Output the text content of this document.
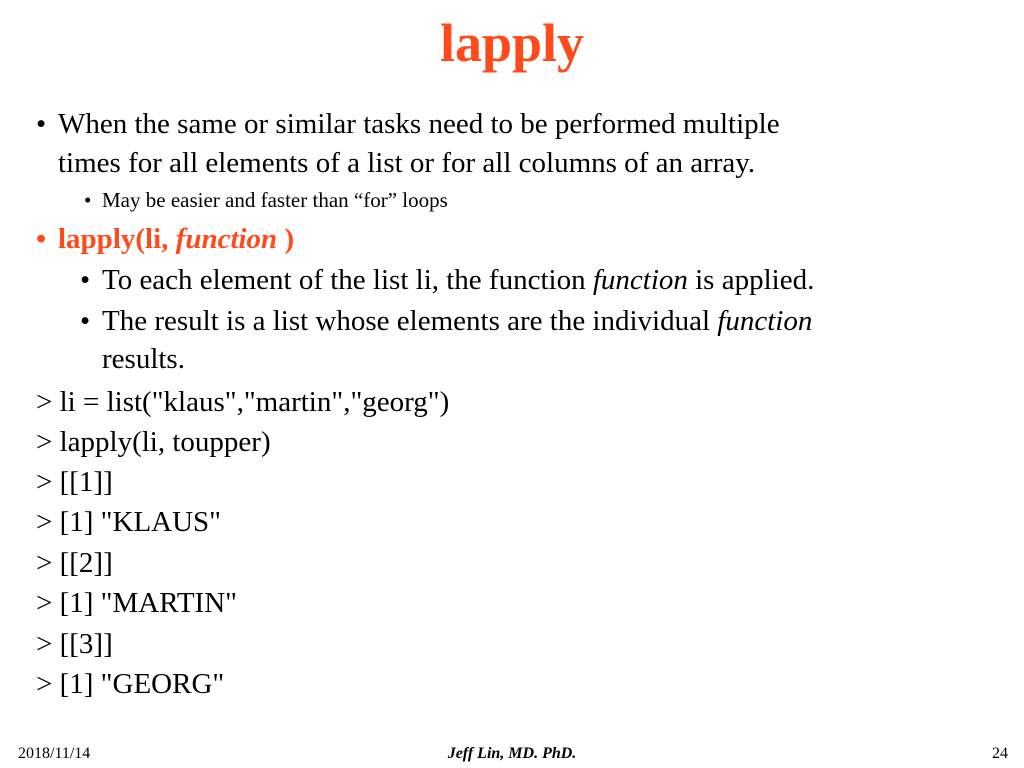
lapply
• When the same or similar tasks need to be performed multiple
times for all elements of a list or for all columns of an array.
• May be easier and faster than “for” loops
• lapply(li, function )
• To each element of the list li, the function function is applied.
• The result is a list whose elements are the individual function
results.
> li = list("klaus","martin","georg")
> lapply(li, toupper)
> [[1]]
> [1] "KLAUS"
> [[2]]
> [1] "MARTIN"
> [[3]]
> [1] "GEORG"
2018/11/14	Jeff Lin, MD. PhD.	24
